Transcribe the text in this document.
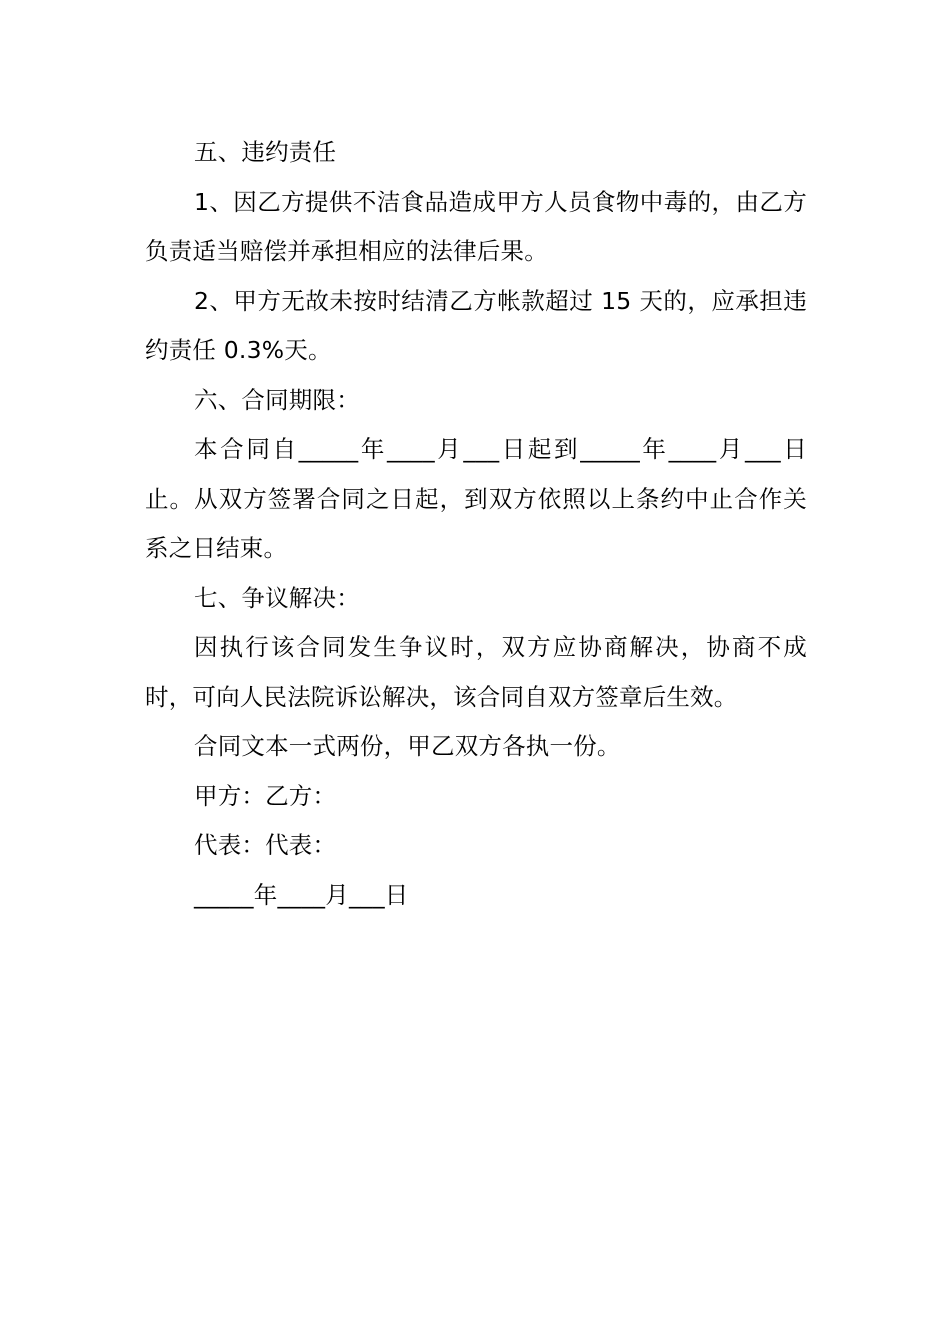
五、违约责任

1、因乙方提供不洁食品造成甲方人员食物中毒的，由乙方负责适当赔偿并承担相应的法律后果。

2、甲方无故未按时结清乙方帐款超过 15 天的，应承担违约责任 0.3%天。

六、合同期限：

本合同自_____年____月___日起到_____年____月___日止。从双方签署合同之日起，到双方依照以上条约中止合作关系之日结束。

七、争议解决：

因执行该合同发生争议时，双方应协商解决，协商不成时，可向人民法院诉讼解决，该合同自双方签章后生效。

合同文本一式两份，甲乙双方各执一份。

甲方：乙方：

代表：代表：

_____年____月___日
